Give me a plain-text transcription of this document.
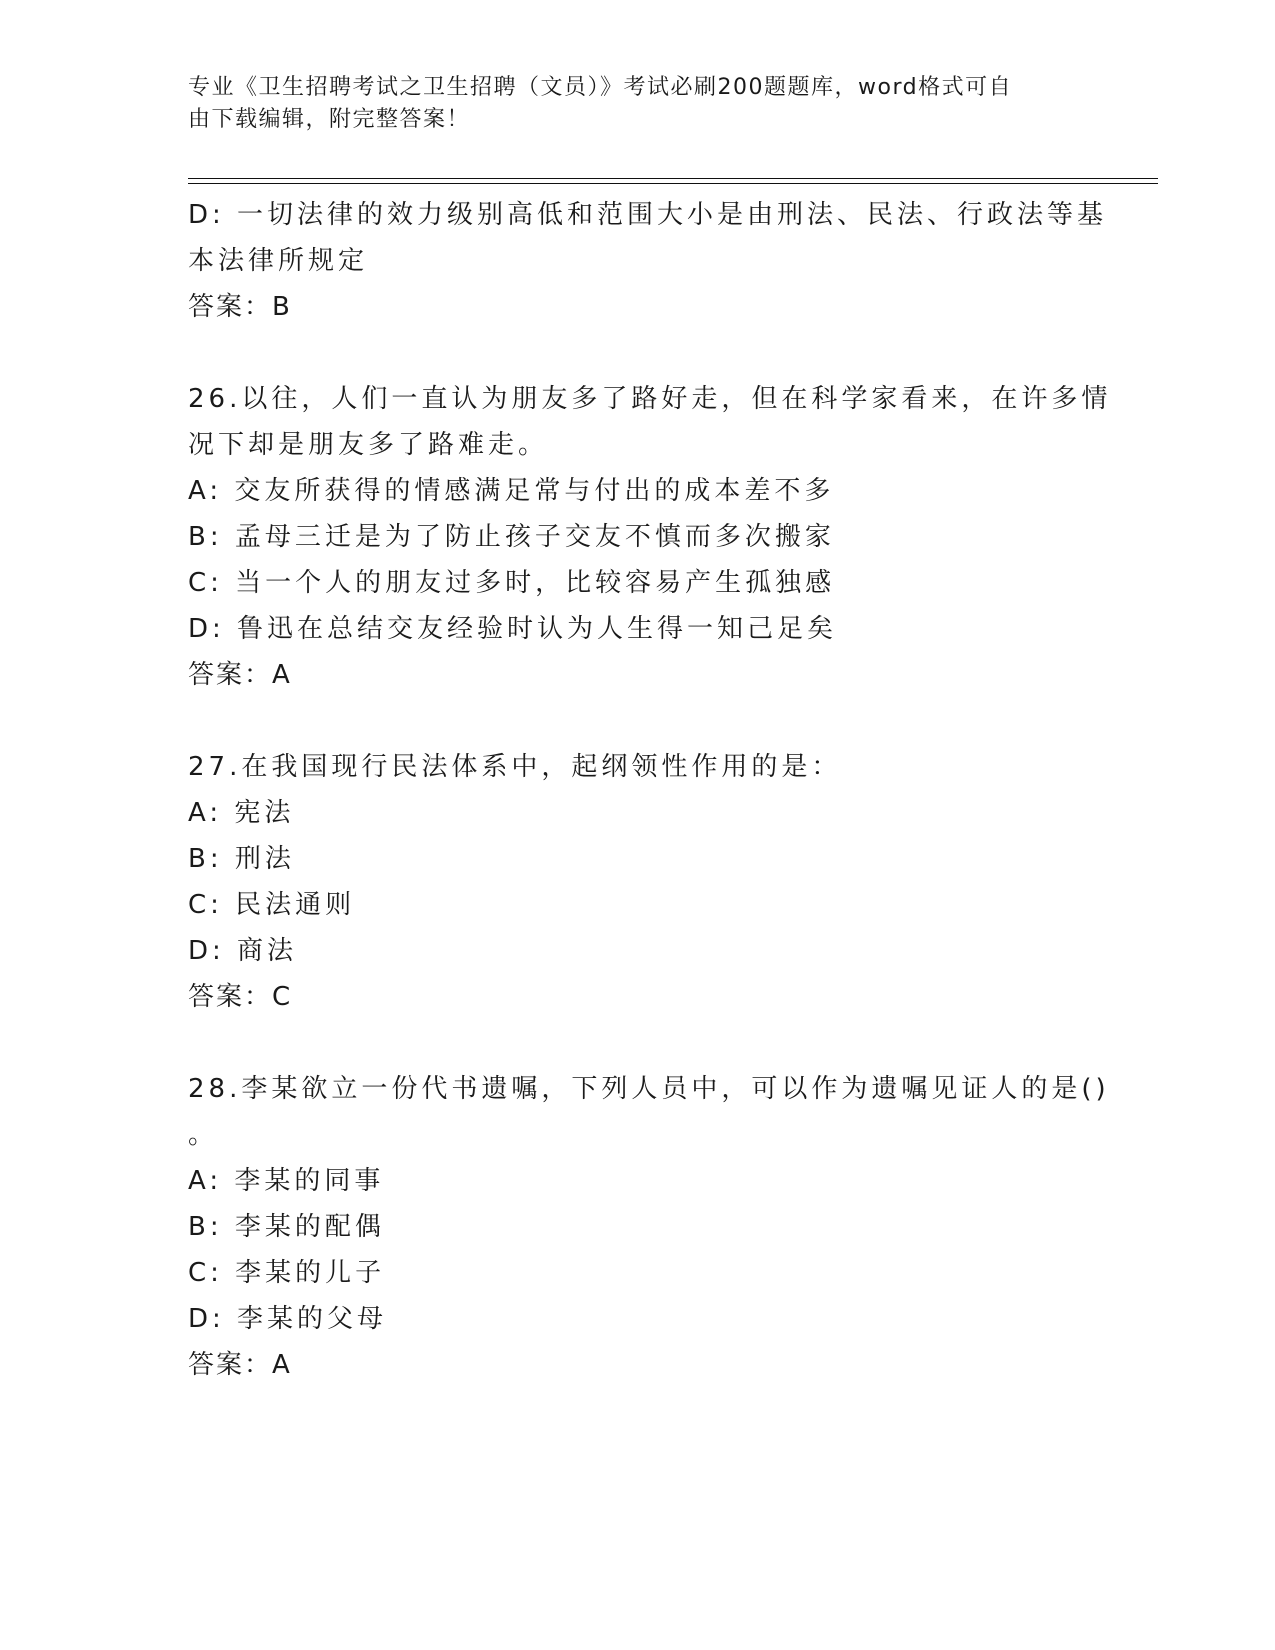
专业《卫生招聘考试之卫生招聘（文员）》考试必刷200题题库，word格式可自
由下载编辑，附完整答案！
D: 一切法律的效力级别高低和范围大小是由刑法、民法、行政法等基
本法律所规定
答案：B
26.以往，人们一直认为朋友多了路好走，但在科学家看来，在许多情
况下却是朋友多了路难走。
A: 交友所获得的情感满足常与付出的成本差不多
B: 孟母三迁是为了防止孩子交友不慎而多次搬家
C: 当一个人的朋友过多时，比较容易产生孤独感
D: 鲁迅在总结交友经验时认为人生得一知己足矣
答案：A
27.在我国现行民法体系中，起纲领性作用的是：
A: 宪法
B: 刑法
C: 民法通则
D: 商法
答案：C
28.李某欲立一份代书遗嘱，下列人员中，可以作为遗嘱见证人的是()
。
A: 李某的同事
B: 李某的配偶
C: 李某的儿子
D: 李某的父母
答案：A
